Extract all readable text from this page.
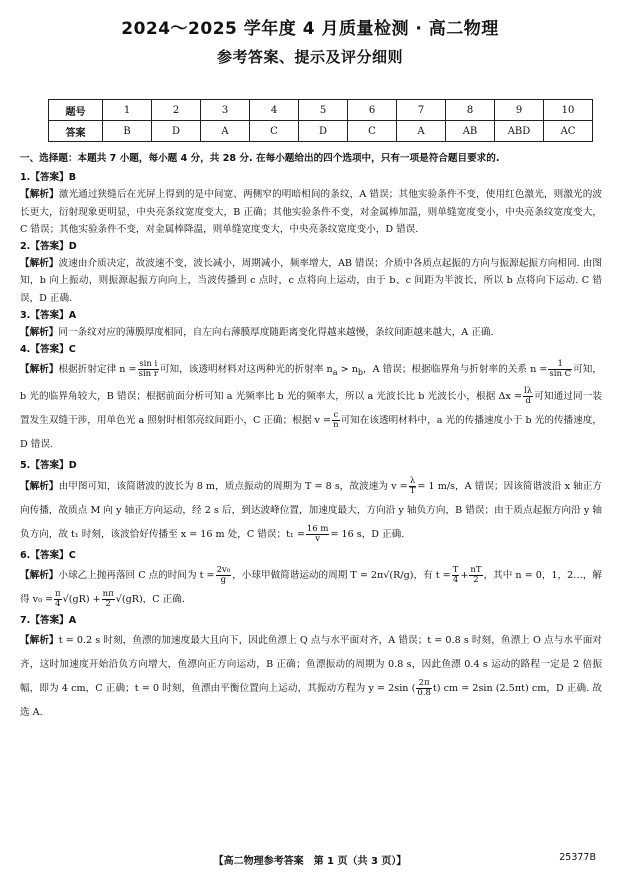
2024～2025 学年度 4 月质量检测 · 高二物理
参考答案、提示及评分细则
题号	1	2	3	4	5	6	7	8	9	10
答案	B	D	A	C	D	C	A	AB	ABD	AC
一、选择题：本题共 7 小题，每小题 4 分，共 28 分. 在每小题给出的四个选项中，只有一项是符合题目要求的.
1.【答案】B
【解析】激光通过狭缝后在光屏上得到的是中间宽、两侧窄的明暗相间的条纹，A 错误；其他实验条件不变，使用红色激光，则激光的波长更大，衍射现象更明显，中央亮条纹宽度变大，B 正确；其他实验条件不变，对金属棒加温，则单缝宽度变小，中央亮条纹宽度变大，C 错误；其他实验条件不变，对金属棒降温，则单缝宽度变大，中央亮条纹宽度变小，D 错误.
2.【答案】D
【解析】波速由介质决定，故波速不变，波长减小，周期减小，频率增大，AB 错误；介质中各质点起振的方向与振源起振方向相同. 由图知，b 向上振动，则振源起振方向向上，当波传播到 c 点时，c 点将向上运动，由于 b、c 间距为半波长，所以 b 点将向下运动. C 错误，D 正确.
3.【答案】A
【解析】同一条纹对应的薄膜厚度相同，自左向右薄膜厚度随距离变化得越来越慢，条纹间距越来越大，A 正确.
4.【答案】C
【解析】根据折射定律 $n = \frac{\text{sin i}}{\text{sin r}}$ 可知，该透明材料对这两种光的折射率 $n_a > n_b$，A 错误；根据临界角与折射率的关系 $n = \frac{1}{\text{sin C}}$ 可知，b 光的临界角较大，B 错误；根据前面分析可知 a 光频率比 b 光的频率大，所以 a 光波长比 b 光波长小，根据 $\Delta x = \frac{l\lambda}{d}$ 可知通过同一装置发生双缝干涉，用单色光 a 照射时相邻亮纹间距小，C 正确；根据 $v = \frac{c}{n}$ 可知在该透明材料中，a 光的传播速度小于 b 光的传播速度，D 错误.
5.【答案】D
【解析】由甲图可知，该简谐波的波长为 8 m，质点振动的周期为 T = 8 s，故波速为 $v = \frac{\lambda}{T} = 1$ m/s，A 错误；因该简谐波沿 x 轴正方向传播，故质点 M 向 y 轴正方向运动，经 2 s 后，到达波峰位置，加速度最大，方向沿 y 轴负方向，B 错误；由于质点起振方向沿 y 轴负方向，故 t₁ 时刻，该波恰好传播至 x = 16 m 处，C 错误；$t_1 = \frac{16 m}{v} = 16$ s，D 正确.
6.【答案】C
【解析】小球乙上抛再落回 C 点的时间为 $t = \frac{\text{2v₀}}{g}$ ，小球甲做简谐运动的周期 T = 2π√(R/g)，有 $t = \frac{T}{4} + \frac{nT}{2}$ ，其中 n = 0，1，2…，解得 $v_0 = \frac{\pi}{4} √(gR) + \frac{n\pi}{2} √(gR)$，C 正确.
7.【答案】A
【解析】t = 0.2 s 时刻，鱼漂的加速度最大且向下，因此鱼漂上 Q 点与水平面对齐，A 错误；t = 0.8 s 时刻，鱼漂上 O 点与水平面对齐，这时加速度开始沿负方向增大，鱼漂向正方向运动，B 正确；鱼漂振动的周期为 0.8 s，因此鱼漂 0.4 s 运动的路程一定是 2 倍振幅，即为 4 cm，C 正确；t = 0 时刻，鱼漂由平衡位置向上运动，其振动方程为 y = 2sin ( $\frac{2\pi}{0.8} t$) cm = 2sin (2.5πt) cm，D 正确. 故选 A.
【高二物理参考答案　第 1 页（共 3 页）】	25377B
